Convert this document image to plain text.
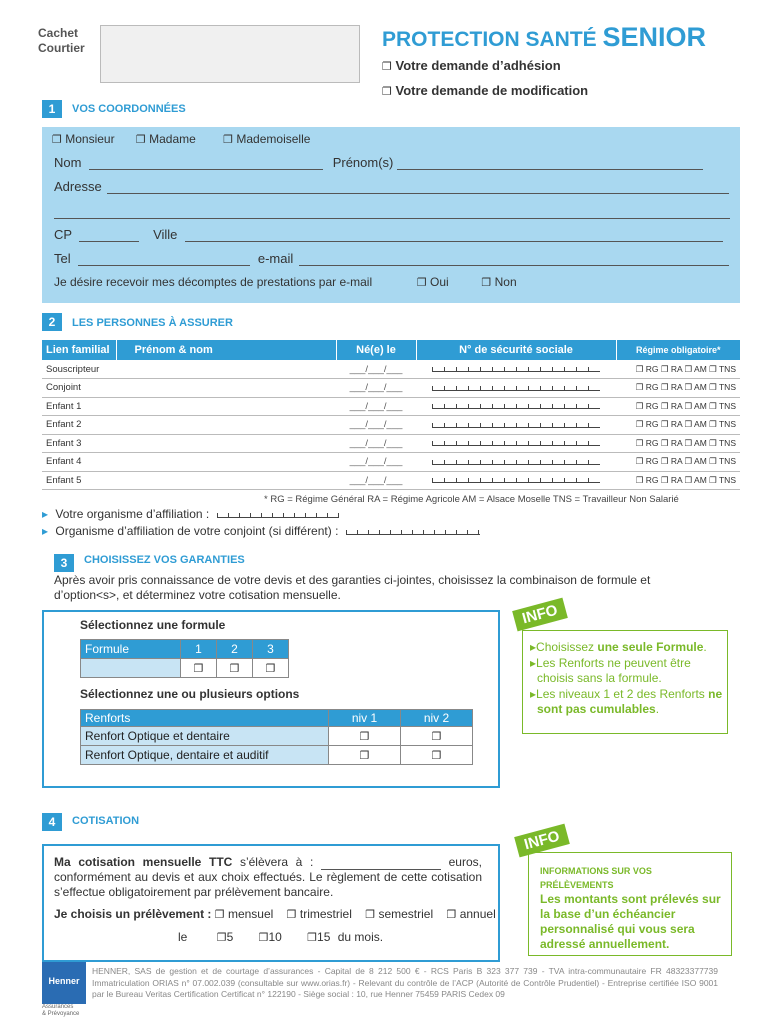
Cachet
Courtier	PROTECTION SANTÉ SENIOR
❐ Votre demande d’adhésion
❐ Votre demande de modification
1	VOS COORDONNÉES
❐ Monsieur ❐ Madame ❐ Mademoiselle
Nom	Prénom(s)
Adresse
CP	Ville
Tel	e-mail
Je désire recevoir mes décomptes de prestations par e-mail	❐ Oui	❐ Non
2	LES PERSONNES À ASSURER
Lien familial	Prénom & nom	Né(e) le	N° de sécurité sociale	Régime obligatoire*
Souscripteur		___/___/___		❐ RG ❐ RA ❐ AM ❐ TNS
Conjoint		___/___/___		❐ RG ❐ RA ❐ AM ❐ TNS
Enfant 1		___/___/___		❐ RG ❐ RA ❐ AM ❐ TNS
Enfant 2		___/___/___		❐ RG ❐ RA ❐ AM ❐ TNS
Enfant 3		___/___/___		❐ RG ❐ RA ❐ AM ❐ TNS
Enfant 4		___/___/___		❐ RG ❐ RA ❐ AM ❐ TNS
Enfant 5		___/___/___		❐ RG ❐ RA ❐ AM ❐ TNS
* RG = Régime Général RA = Régime Agricole AM = Alsace Moselle TNS = Travailleur Non Salarié
▸ Votre organisme d’affiliation :
▸ Organisme d’affiliation de votre conjoint (si différent) :
3	CHOISISSEZ VOS GARANTIES
Après avoir pris connaissance de votre devis et des garanties ci-jointes, choisissez la combinaison de formule et d’option<s>, et déterminez votre cotisation mensuelle.
Sélectionnez une formule
Formule	1	2	3
	❐	❐	❐
Sélectionnez une ou plusieurs options
Renforts	niv 1	niv 2
Renfort Optique et dentaire	❐	❐
Renfort Optique, dentaire et auditif	❐	❐
INFO
▸Choisissez une seule Formule.
▸Les Renforts ne peuvent être choisis sans la formule.
▸Les niveaux 1 et 2 des Renforts ne sont pas cumulables.
4	COTISATION
Ma cotisation mensuelle TTC s’élèvera à :	euros, conformément au devis et aux choix effectués. Le règlement de cette cotisation s’effectue obligatoirement par prélèvement bancaire.
Je choisis un prélèvement : ❐ mensuel ❐ trimestriel ❐ semestriel ❐ annuel
le	❐5 ❐10 ❐15 du mois.
INFO
INFORMATIONS SUR VOS PRÉLÈVEMENTS
Les montants sont prélevés sur la base d’un échéancier personnalisé qui vous sera adressé annuellement.
Henner
Assurances
& Prévoyance
HENNER, SAS de gestion et de courtage d’assurances - Capital de 8 212 500 € - RCS Paris B 323 377 739 - TVA intra-communautaire FR 48323377739 Immatriculation ORIAS n° 07.002.039 (consultable sur www.orias.fr) - Relevant du contrôle de l’ACP (Autorité de Contrôle Prudentiel) - Entreprise certifiée ISO 9001 par le Bureau Veritas Certification Certificat n° 122190 - Siège social : 10, rue Henner 75459 PARIS Cedex 09
